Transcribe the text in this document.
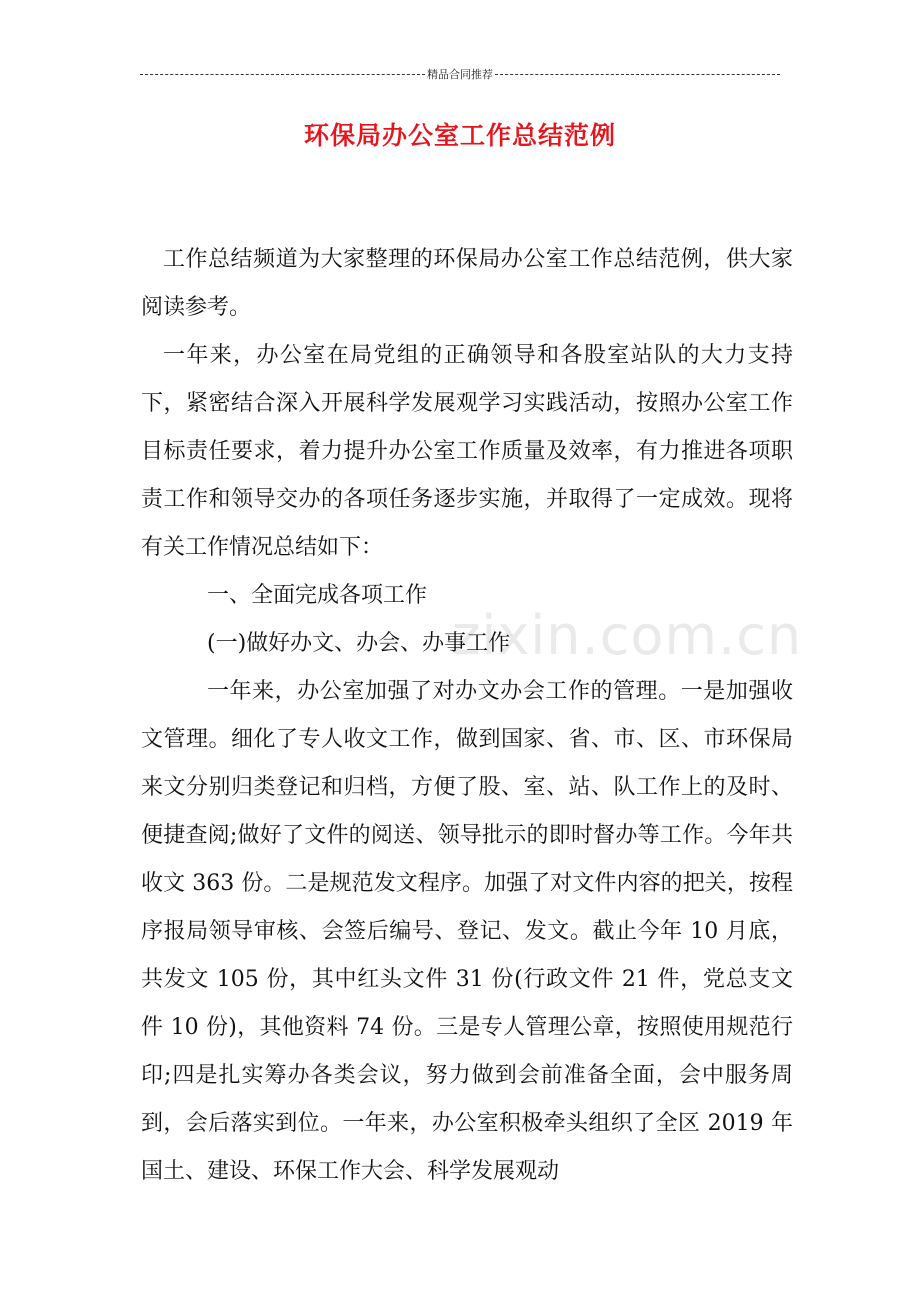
精品合同推荐
环保局办公室工作总结范例
zixin.com.cn

工作总结频道为大家整理的环保局办公室工作总结范例，供大家阅读参考。

一年来，办公室在局党组的正确领导和各股室站队的大力支持下，紧密结合深入开展科学发展观学习实践活动，按照办公室工作目标责任要求，着力提升办公室工作质量及效率，有力推进各项职责工作和领导交办的各项任务逐步实施，并取得了一定成效。现将有关工作情况总结如下：

一、全面完成各项工作

(一)做好办文、办会、办事工作

一年来，办公室加强了对办文办会工作的管理。一是加强收文管理。细化了专人收文工作，做到国家、省、市、区、市环保局来文分别归类登记和归档，方便了股、室、站、队工作上的及时、便捷查阅;做好了文件的阅送、领导批示的即时督办等工作。今年共收文 363 份。二是规范发文程序。加强了对文件内容的把关，按程序报局领导审核、会签后编号、登记、发文。截止今年 10 月底，共发文 105 份，其中红头文件 31 份(行政文件 21 件，党总支文件 10 份)，其他资料 74 份。三是专人管理公章，按照使用规范行印;四是扎实筹办各类会议，努力做到会前准备全面，会中服务周到，会后落实到位。一年来，办公室积极牵头组织了全区 2019 年国土、建设、环保工作大会、科学发展观动
